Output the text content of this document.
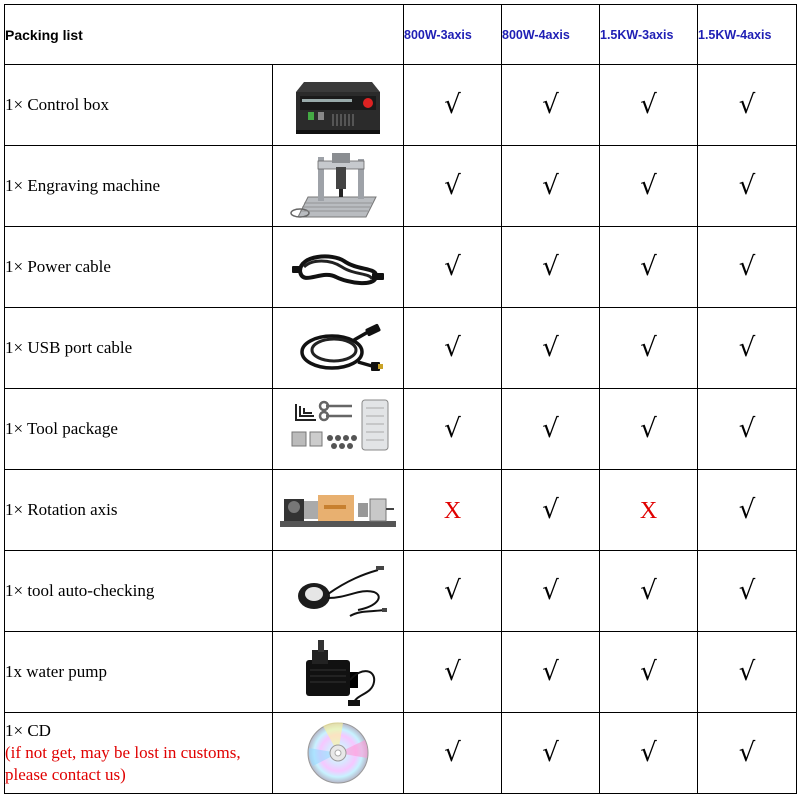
Packing list		800W-3axis	800W-4axis	1.5KW-3axis	1.5KW-4axis
1× Control box		√	√	√	√
1× Engraving machine		√	√	√	√
1× Power cable		√	√	√	√
1× USB port cable		√	√	√	√
1× Tool package		√	√	√	√
1× Rotation axis		X	√	X	√
1× tool auto-checking		√	√	√	√
1x water pump		√	√	√	√
1× CD
(if not get, may be lost in customs, please contact us)		√	√	√	√
